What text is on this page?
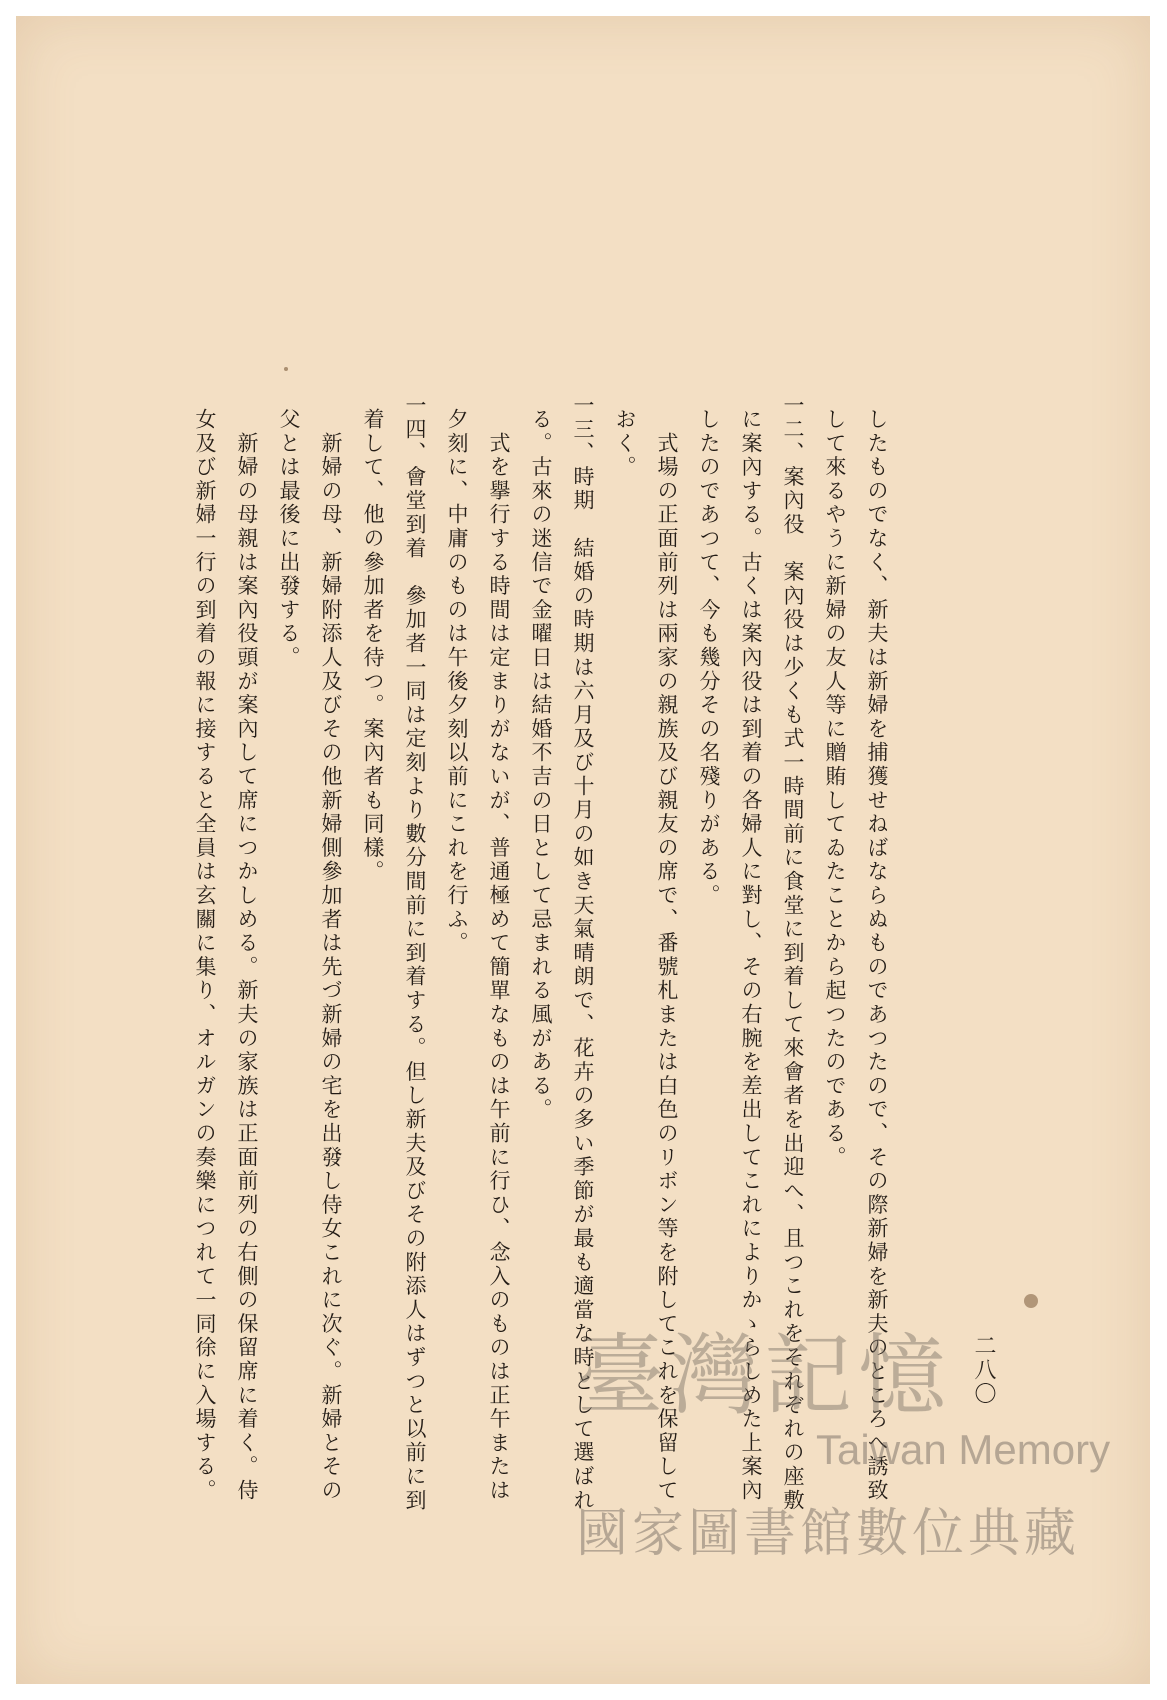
二八〇
したものでなく、新夫は新婦を捕獲せねばならぬものであつたので、その際新婦を新夫のところへ誘致
して來るやうに新婦の友人等に贈賄してゐたことから起つたのである。
一二、案內役　案內役は少くも式一時間前に食堂に到着して來會者を出迎へ、且つこれをそれぞれの座敷
に案內する。古くは案內役は到着の各婦人に對し、その右腕を差出してこれによりかゝらしめた上案內
したのであつて、今も幾分その名殘りがある。
　式場の正面前列は兩家の親族及び親友の席で、番號札または白色のリボン等を附してこれを保留して
おく。
一三、時期　結婚の時期は六月及び十月の如き天氣晴朗で、花卉の多い季節が最も適當な時として選ばれ
る。古來の迷信で金曜日は結婚不吉の日として忌まれる風がある。
　式を擧行する時間は定まりがないが、普通極めて簡單なものは午前に行ひ、念入のものは正午または
夕刻に、中庸のものは午後夕刻以前にこれを行ふ。
一四、會堂到着　參加者一同は定刻より數分間前に到着する。但し新夫及びその附添人はずつと以前に到
着して、他の參加者を待つ。案內者も同樣。
　新婦の母、新婦附添人及びその他新婦側參加者は先づ新婦の宅を出發し侍女これに次ぐ。新婦とその
父とは最後に出發する。
　新婦の母親は案內役頭が案內して席につかしめる。新夫の家族は正面前列の右側の保留席に着く。侍
女及び新婦一行の到着の報に接すると全員は玄關に集り、オルガンの奏樂につれて一同徐に入場する。	臺灣記憶
Taiwan Memory
國家圖書館數位典藏
